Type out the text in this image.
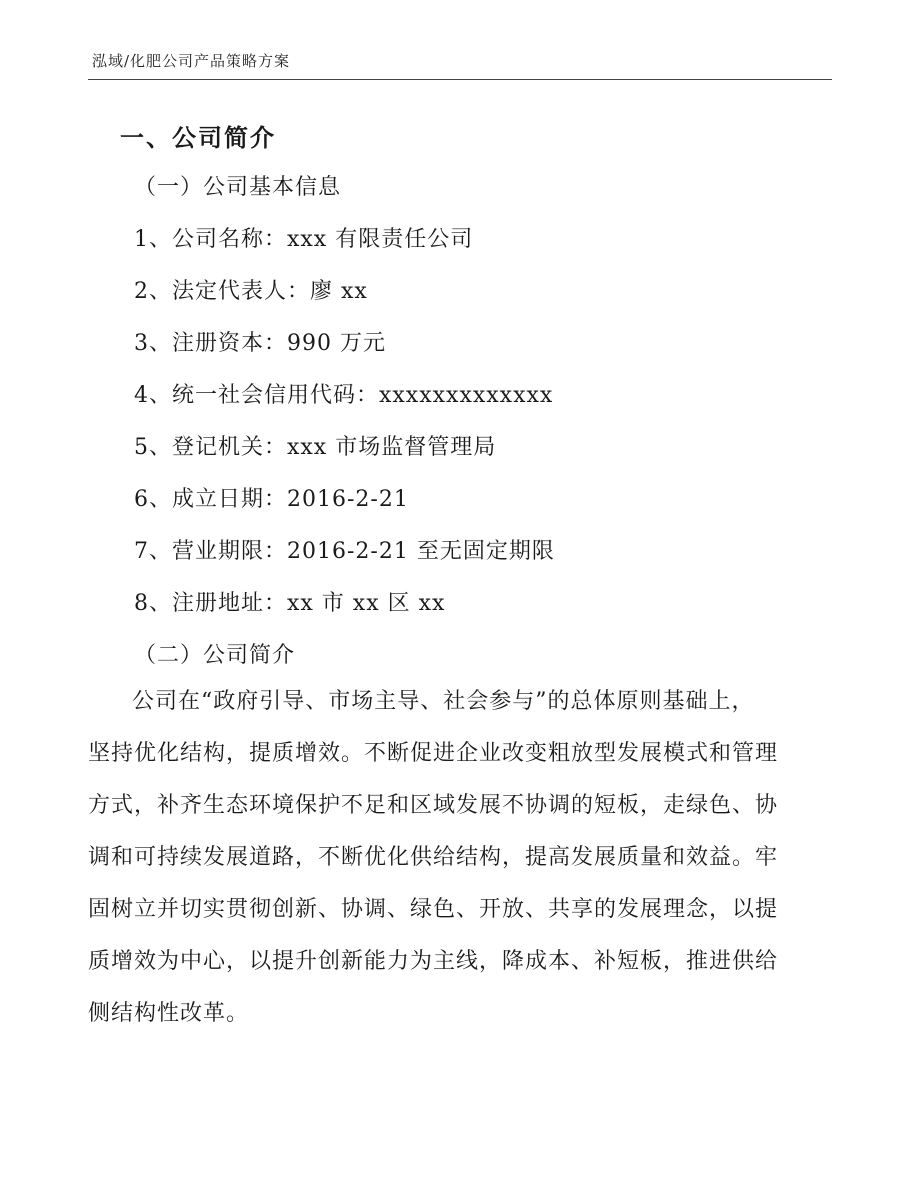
泓域/化肥公司产品策略方案
一、公司简介
（一）公司基本信息
1、公司名称：xxx 有限责任公司
2、法定代表人：廖 xx
3、注册资本：990 万元
4、统一社会信用代码：xxxxxxxxxxxxx
5、登记机关：xxx 市场监督管理局
6、成立日期：2016-2-21
7、营业期限：2016-2-21 至无固定期限
8、注册地址：xx 市 xx 区 xx
（二）公司简介
公司在“政府引导、市场主导、社会参与”的总体原则基础上，
坚持优化结构，提质增效。不断促进企业改变粗放型发展模式和管理
方式，补齐生态环境保护不足和区域发展不协调的短板，走绿色、协
调和可持续发展道路，不断优化供给结构，提高发展质量和效益。牢
固树立并切实贯彻创新、协调、绿色、开放、共享的发展理念，以提
质增效为中心，以提升创新能力为主线，降成本、补短板，推进供给
侧结构性改革。
